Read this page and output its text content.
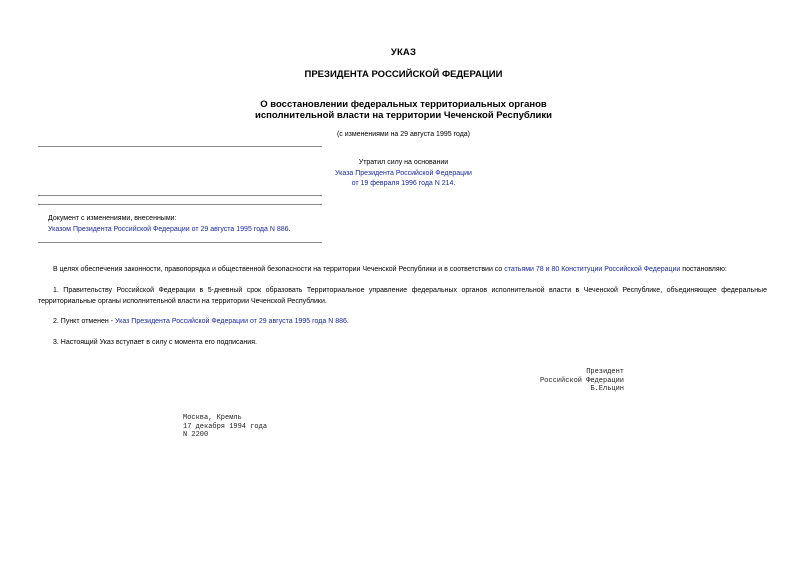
УКАЗ
ПРЕЗИДЕНТА РОССИЙСКОЙ ФЕДЕРАЦИИ
О восстановлении федеральных территориальных органов
исполнительной власти на территории Чеченской Республики
(с изменениями на 29 августа 1995 года)
Утратил силу на основании
Указа Президента Российской Федерации
от 19 февраля 1996 года N 214.
Документ с изменениями, внесенными:
Указом Президента Российской Федерации от 29 августа 1995 года N 886.
В целях обеспечения законности, правопорядка и общественной безопасности на территории Чеченской Республики и в соответствии со статьями 78 и 80 Конституции Российской Федерации постановляю:
1. Правительству Российской Федерации в 5-дневный срок образовать Территориальное управление федеральных органов исполнительной власти в Чеченской Республике, объединяющее федеральные территориальные органы исполнительной власти на территории Чеченской Республики.
2. Пункт отменен - Указ Президента Российской Федерации от 29 августа 1995 года N 886.
3. Настоящий Указ вступает в силу с момента его подписания.
Президент
Российской Федерации
Б.Ельцин
Москва, Кремль
17 декабря 1994 года
N 2200
